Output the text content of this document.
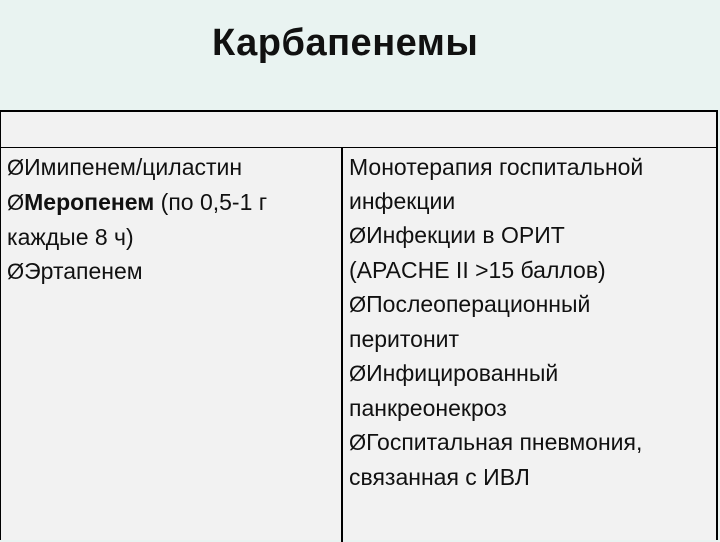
Карбапенемы
ØИмипенем/циластин
ØМеропенем (по 0,5-1 г
каждые 8 ч)
ØЭртапенем
Монотерапия госпитальной
инфекции
ØИнфекции в ОРИТ
(APACHE II >15 баллов)
ØПослеоперационный
перитонит
ØИнфицированный
панкреонекроз
ØГоспитальная пневмония,
связанная с ИВЛ
